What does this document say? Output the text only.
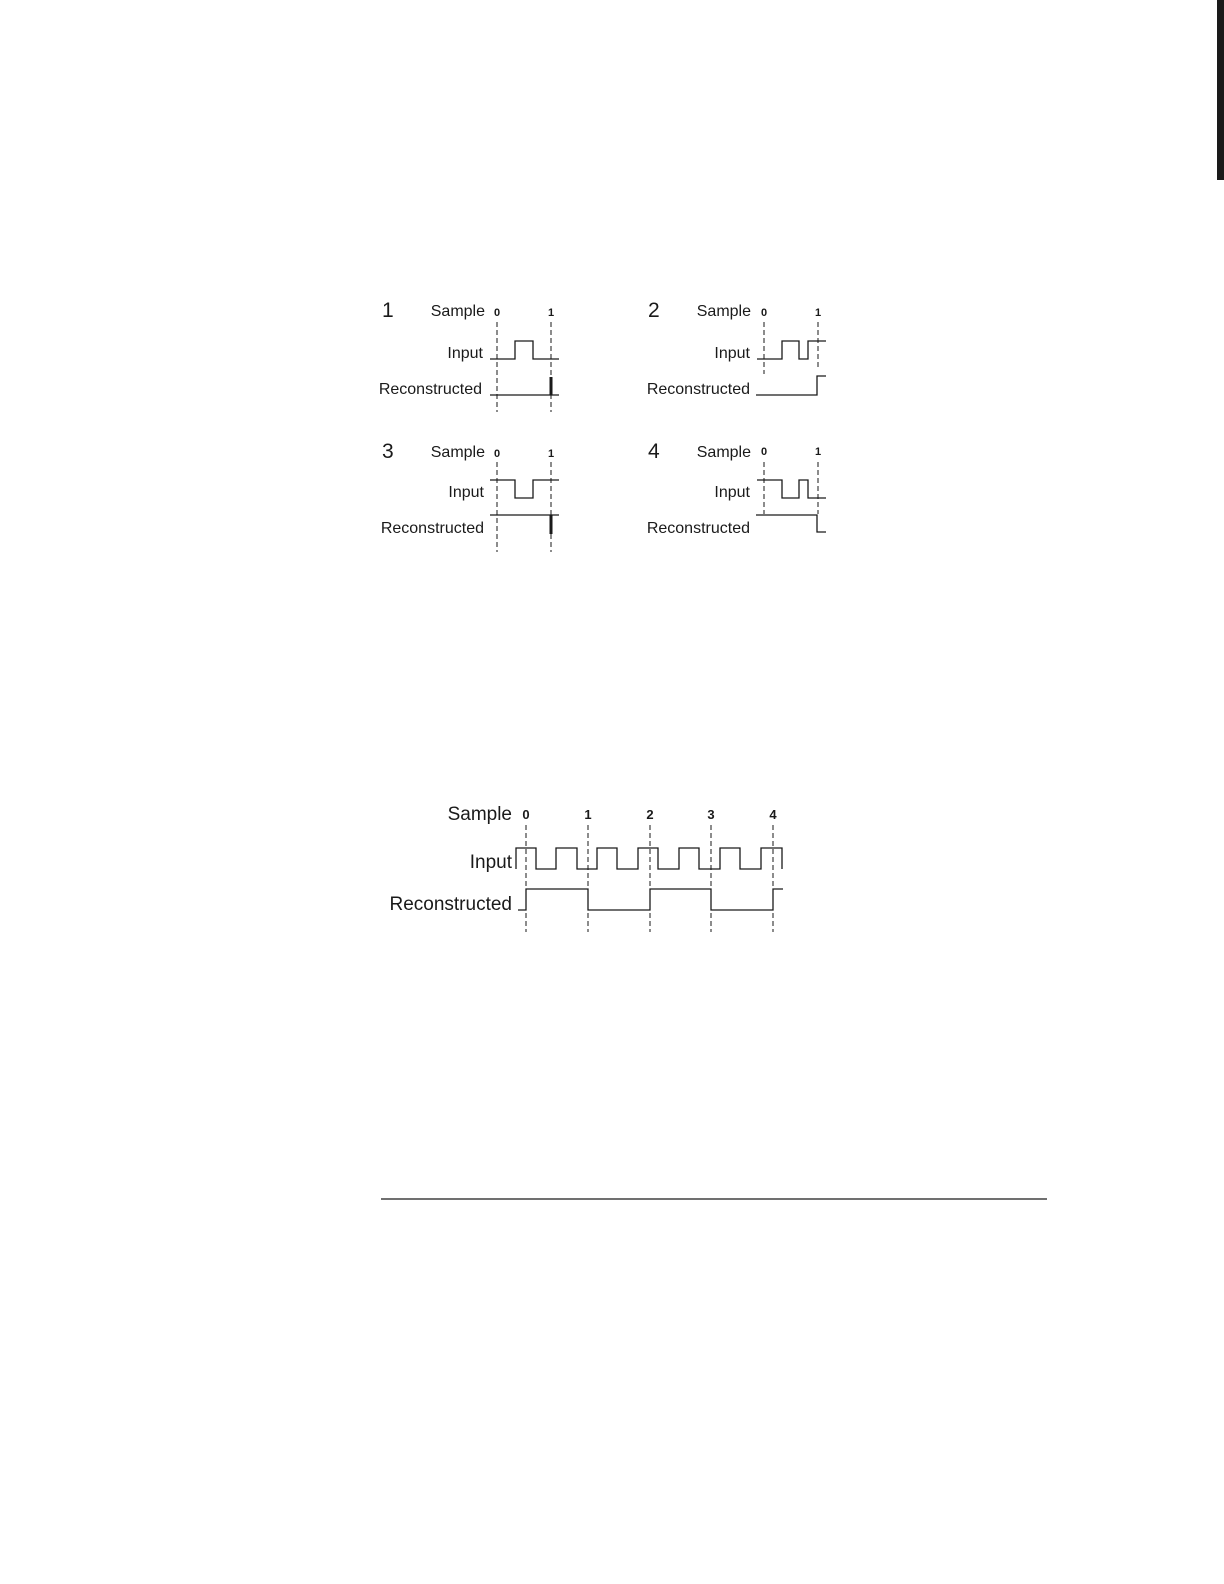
1 Sample 0	1
Input
Reconstructed
2 Sample 0	1
Input
Reconstructed
3 Sample 0	1
Input
Reconstructed
4 Sample 0	1
Input
Reconstructed
Sample
Input
Reconstructed
0	1	2	3	4
